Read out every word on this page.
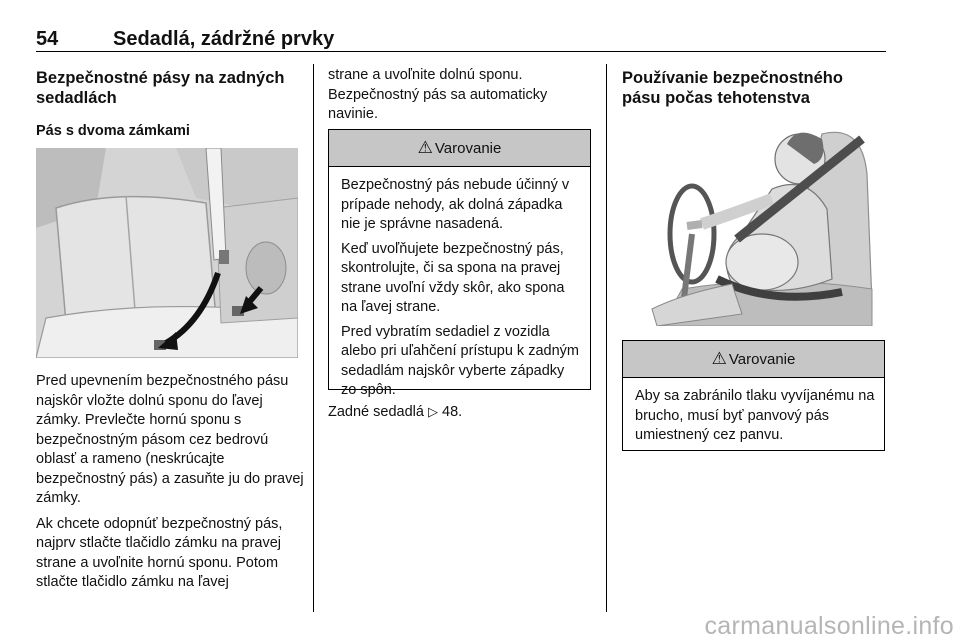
54	Sedadlá, zádržné prvky
Bezpečnostné pásy na zadných sedadlách
Pás s dvoma zámkami

Pred upevnením bezpečnostného pásu najskôr vložte dolnú sponu do ľavej zámky. Prevlečte hornú sponu s bezpečnostným pásom cez bedrovú oblasť a rameno (neskrúcajte bezpečnostný pás) a zasuňte ju do pravej zámky.

Ak chcete odopnúť bezpečnostný pás, najprv stlačte tlačidlo zámku na pravej strane a uvoľnite hornú sponu. Potom stlačte tlačidlo zámku na ľavej

strane a uvoľnite dolnú sponu. Bezpečnostný pás sa automaticky navinie.
⚠ Varovanie

Bezpečnostný pás nebude účinný v prípade nehody, ak dolná západka nie je správne nasadená.

Keď uvoľňujete bezpečnostný pás, skontrolujte, či sa spona na pravej strane uvoľní vždy skôr, ako spona na ľavej strane.

Pred vybratím sedadiel z vozidla alebo pri uľahčení prístupu k zadným sedadlám najskôr vyberte západky zo spôn.

Zadné sedadlá ▷ 48.
Používanie bezpečnostného pásu počas tehotenstva
⚠ Varovanie

Aby sa zabránilo tlaku vyvíjanému na brucho, musí byť panvový pás umiestnený cez panvu.

carmanualsonline.info
